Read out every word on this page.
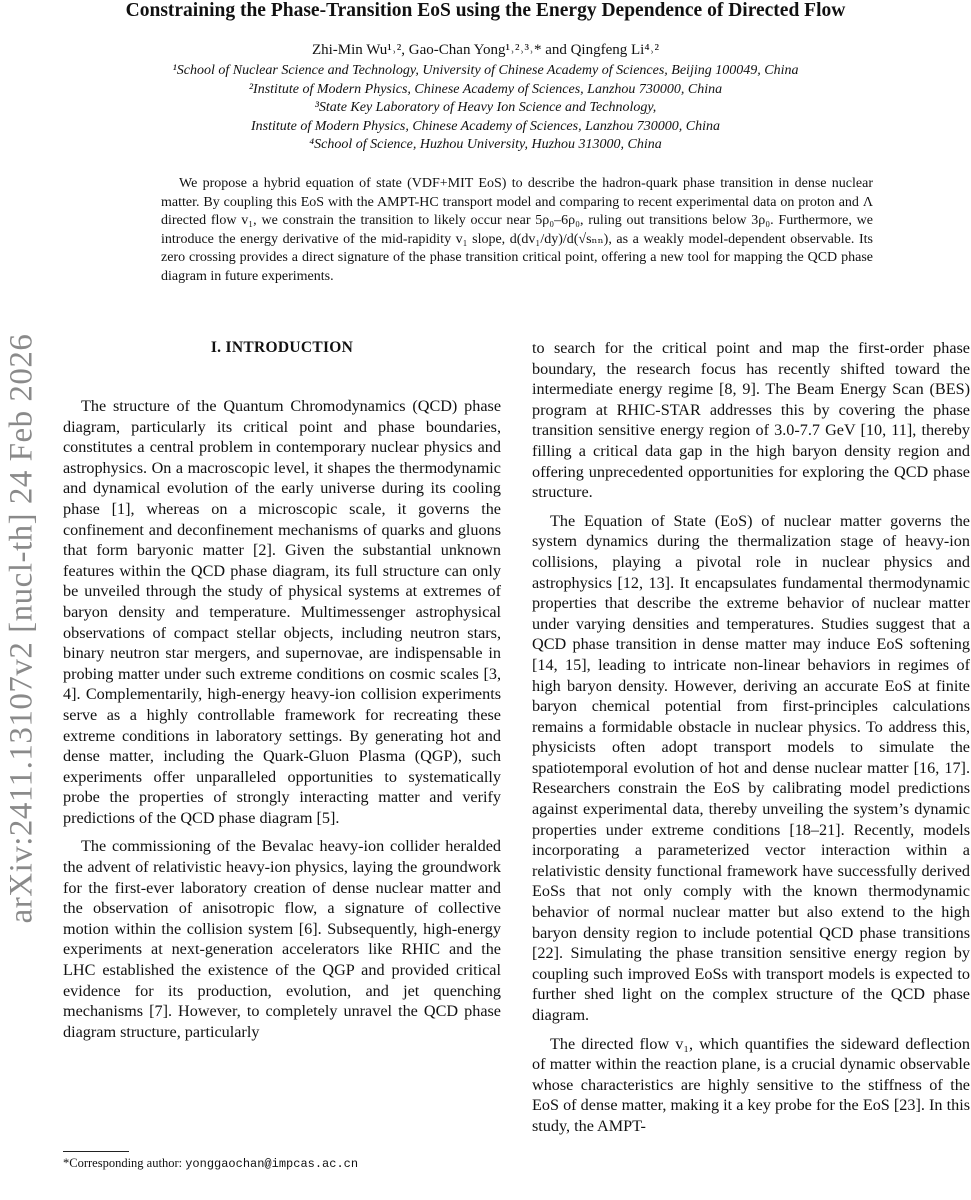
Constraining the Phase-Transition EoS using the Energy Dependence of Directed Flow
Zhi-Min Wu¹˒², Gao-Chan Yong¹˒²˒³˒* and Qingfeng Li⁴˒²
¹School of Nuclear Science and Technology, University of Chinese Academy of Sciences, Beijing 100049, China
²Institute of Modern Physics, Chinese Academy of Sciences, Lanzhou 730000, China
³State Key Laboratory of Heavy Ion Science and Technology,
Institute of Modern Physics, Chinese Academy of Sciences, Lanzhou 730000, China
⁴School of Science, Huzhou University, Huzhou 313000, China

We propose a hybrid equation of state (VDF+MIT EoS) to describe the hadron-quark phase transition in dense nuclear matter. By coupling this EoS with the AMPT-HC transport model and comparing to recent experimental data on proton and Λ directed flow v₁, we constrain the transition to likely occur near 5ρ₀–6ρ₀, ruling out transitions below 3ρ₀. Furthermore, we introduce the energy derivative of the mid-rapidity v₁ slope, d(dv₁/dy)/d(√sₙₙ), as a weakly model-dependent observable. Its zero crossing provides a direct signature of the phase transition critical point, offering a new tool for mapping the QCD phase diagram in future experiments.

arXiv:2411.13107v2 [nucl-th] 24 Feb 2026	I. INTRODUCTION

The structure of the Quantum Chromodynamics (QCD) phase diagram, particularly its critical point and phase boundaries, constitutes a central problem in contemporary nuclear physics and astrophysics. On a macroscopic level, it shapes the thermodynamic and dynamical evolution of the early universe during its cooling phase [1], whereas on a microscopic scale, it governs the confinement and deconfinement mechanisms of quarks and gluons that form baryonic matter [2]. Given the substantial unknown features within the QCD phase diagram, its full structure can only be unveiled through the study of physical systems at extremes of baryon density and temperature. Multimessenger astrophysical observations of compact stellar objects, including neutron stars, binary neutron star mergers, and supernovae, are indispensable in probing matter under such extreme conditions on cosmic scales [3, 4]. Complementarily, high-energy heavy-ion collision experiments serve as a highly controllable framework for recreating these extreme conditions in laboratory settings. By generating hot and dense matter, including the Quark-Gluon Plasma (QGP), such experiments offer unparalleled opportunities to systematically probe the properties of strongly interacting matter and verify predictions of the QCD phase diagram [5].

The commissioning of the Bevalac heavy-ion collider heralded the advent of relativistic heavy-ion physics, laying the groundwork for the first-ever laboratory creation of dense nuclear matter and the observation of anisotropic flow, a signature of collective motion within the collision system [6]. Subsequently, high-energy experiments at next-generation accelerators like RHIC and the LHC established the existence of the QGP and provided critical evidence for its production, evolution, and jet quenching mechanisms [7]. However, to completely unravel the QCD phase diagram structure, particularly

to search for the critical point and map the first-order phase boundary, the research focus has recently shifted toward the intermediate energy regime [8, 9]. The Beam Energy Scan (BES) program at RHIC-STAR addresses this by covering the phase transition sensitive energy region of 3.0-7.7 GeV [10, 11], thereby filling a critical data gap in the high baryon density region and offering unprecedented opportunities for exploring the QCD phase structure.

The Equation of State (EoS) of nuclear matter governs the system dynamics during the thermalization stage of heavy-ion collisions, playing a pivotal role in nuclear physics and astrophysics [12, 13]. It encapsulates fundamental thermodynamic properties that describe the extreme behavior of nuclear matter under varying densities and temperatures. Studies suggest that a QCD phase transition in dense matter may induce EoS softening [14, 15], leading to intricate non-linear behaviors in regimes of high baryon density. However, deriving an accurate EoS at finite baryon chemical potential from first-principles calculations remains a formidable obstacle in nuclear physics. To address this, physicists often adopt transport models to simulate the spatiotemporal evolution of hot and dense nuclear matter [16, 17]. Researchers constrain the EoS by calibrating model predictions against experimental data, thereby unveiling the system’s dynamic properties under extreme conditions [18–21]. Recently, models incorporating a parameterized vector interaction within a relativistic density functional framework have successfully derived EoSs that not only comply with the known thermodynamic behavior of normal nuclear matter but also extend to the high baryon density region to include potential QCD phase transitions [22]. Simulating the phase transition sensitive energy region by coupling such improved EoSs with transport models is expected to further shed light on the complex structure of the QCD phase diagram.

The directed flow v₁, which quantifies the sideward deflection of matter within the reaction plane, is a crucial dynamic observable whose characteristics are highly sensitive to the stiffness of the EoS of dense matter, making it a key probe for the EoS [23]. In this study, the AMPT-

*Corresponding author: yonggaochan@impcas.ac.cn
